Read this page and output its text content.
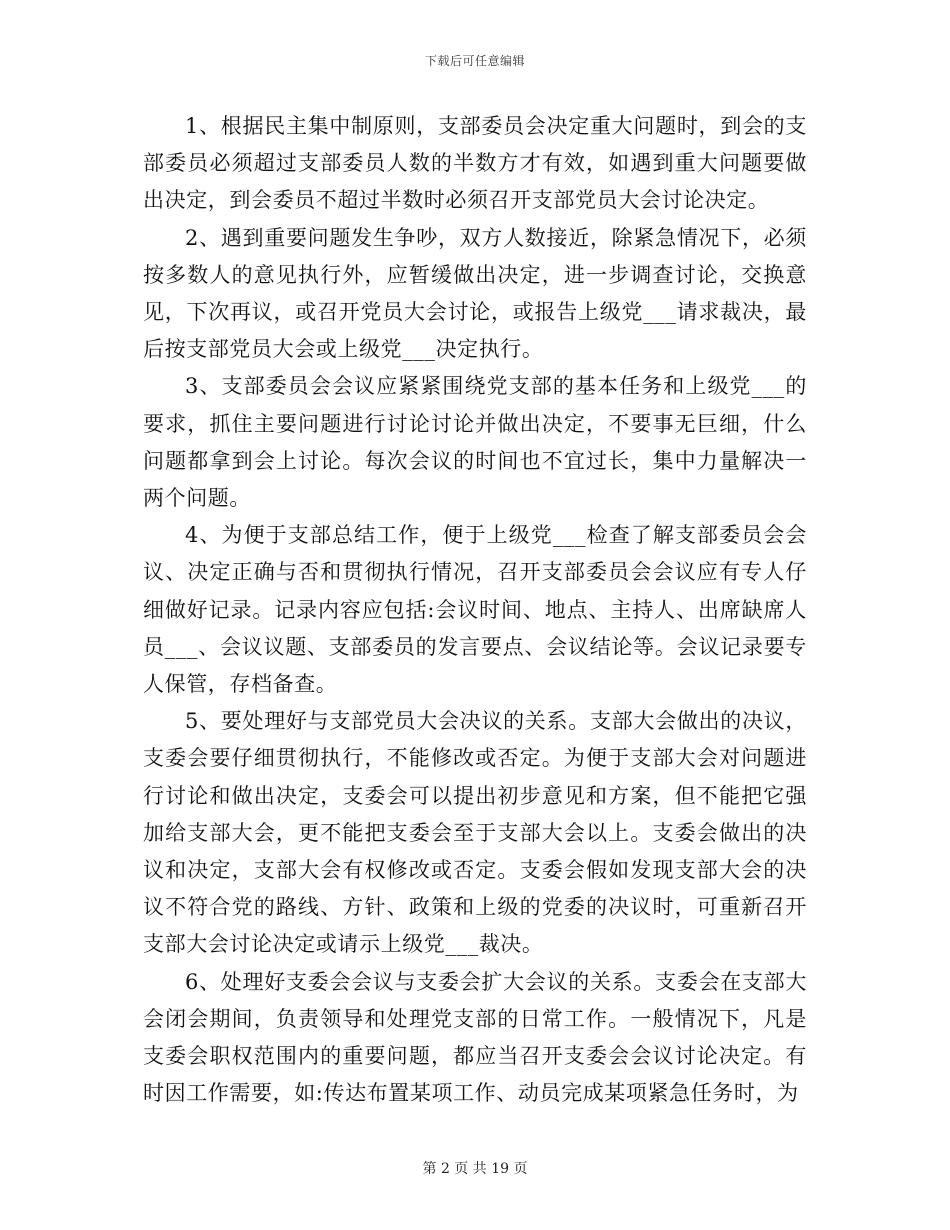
下载后可任意编辑

1、根据民主集中制原则，支部委员会决定重大问题时，到会的支部委员必须超过支部委员人数的半数方才有效，如遇到重大问题要做出决定，到会委员不超过半数时必须召开支部党员大会讨论决定。

2、遇到重要问题发生争吵，双方人数接近，除紧急情况下，必须按多数人的意见执行外，应暂缓做出决定，进一步调查讨论，交换意见，下次再议，或召开党员大会讨论，或报告上级党___请求裁决，最后按支部党员大会或上级党___决定执行。

3、支部委员会会议应紧紧围绕党支部的基本任务和上级党___的要求，抓住主要问题进行讨论讨论并做出决定，不要事无巨细，什么问题都拿到会上讨论。每次会议的时间也不宜过长，集中力量解决一两个问题。

4、为便于支部总结工作，便于上级党___检查了解支部委员会会议、决定正确与否和贯彻执行情况，召开支部委员会会议应有专人仔细做好记录。记录内容应包括:会议时间、地点、主持人、出席缺席人员___、会议议题、支部委员的发言要点、会议结论等。会议记录要专人保管，存档备查。

5、要处理好与支部党员大会决议的关系。支部大会做出的决议，支委会要仔细贯彻执行，不能修改或否定。为便于支部大会对问题进行讨论和做出决定，支委会可以提出初步意见和方案，但不能把它强加给支部大会，更不能把支委会至于支部大会以上。支委会做出的决议和决定，支部大会有权修改或否定。支委会假如发现支部大会的决议不符合党的路线、方针、政策和上级的党委的决议时，可重新召开支部大会讨论决定或请示上级党___裁决。

6、处理好支委会会议与支委会扩大会议的关系。支委会在支部大会闭会期间，负责领导和处理党支部的日常工作。一般情况下，凡是支委会职权范围内的重要问题，都应当召开支委会会议讨论决定。有时因工作需要，如:传达布置某项工作、动员完成某项紧急任务时，为

第 2 页 共 19 页
